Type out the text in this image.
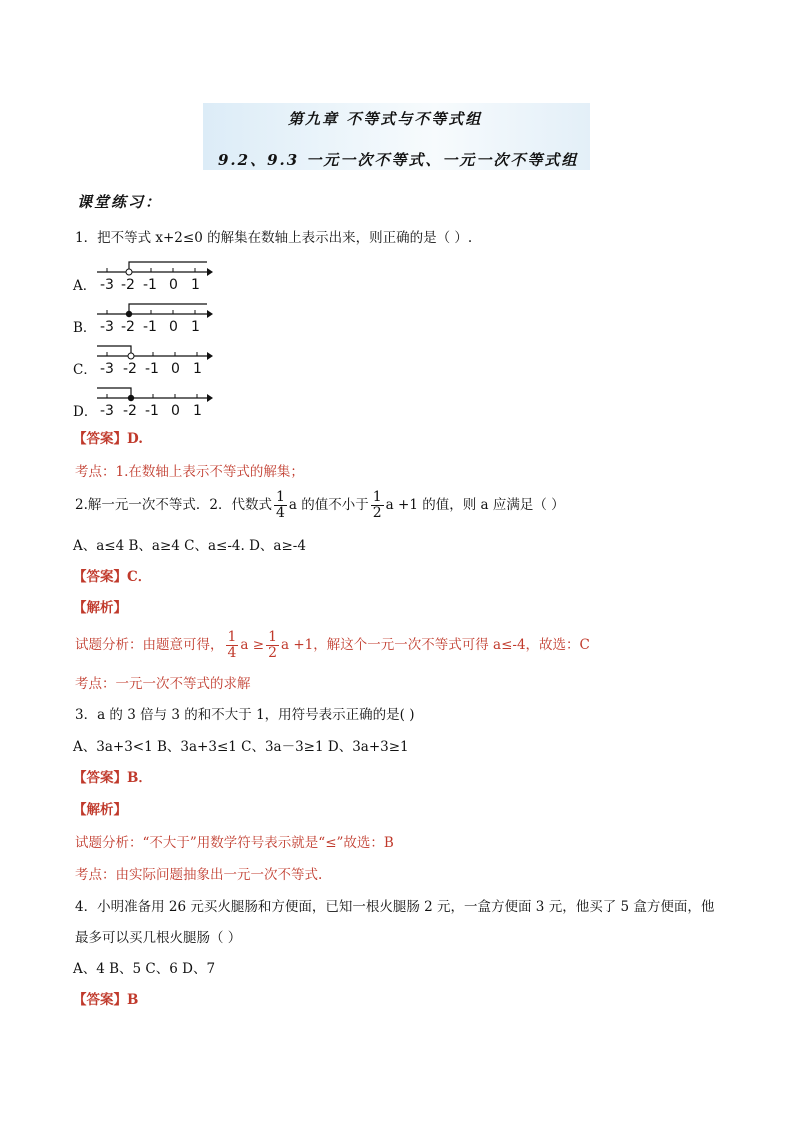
第九章 不等式与不等式组
9.2、9.3 一元一次不等式、一元一次不等式组
课堂练习：
1．把不等式 x+2≤0 的解集在数轴上表示出来，则正确的是（ ）.
A． -3 -2 -1 0 1
B． -3 -2 -1 0 1
C． -3 -2 -1 0 1
D． -3 -2 -1 0 1
【答案】D.
考点：1.在数轴上表示不等式的解集；
2.解一元一次不等式．2．代数式 $\frac{1}{4}$ a 的值不小于 $\frac{1}{2}$ a +1 的值，则 a 应满足（ ）
A、a≤4 B、a≥4 C、a≤-4. D、a≥-4
【答案】C．
【解析】
试题分析：由题意可得， $\frac{1}{4}$ $a \ge \frac{1}{2}$ a +1，解这个一元一次不等式可得 a≤-4，故选：C
考点：一元一次不等式的求解
3．a 的 3 倍与 3 的和不大于 1，用符号表示正确的是( )
A、3a+3<1 B、3a+3≤1 C、3a－3≥1 D、3a+3≥1
【答案】B．
【解析】
试题分析：“不大于”用数学符号表示就是“≤”故选：B
考点：由实际问题抽象出一元一次不等式.
4．小明准备用 26 元买火腿肠和方便面，已知一根火腿肠 2 元，一盒方便面 3 元，他买了 5 盒方便面，他
最多可以买几根火腿肠（ ）
A、4 B、5 C、6 D、7
【答案】B
